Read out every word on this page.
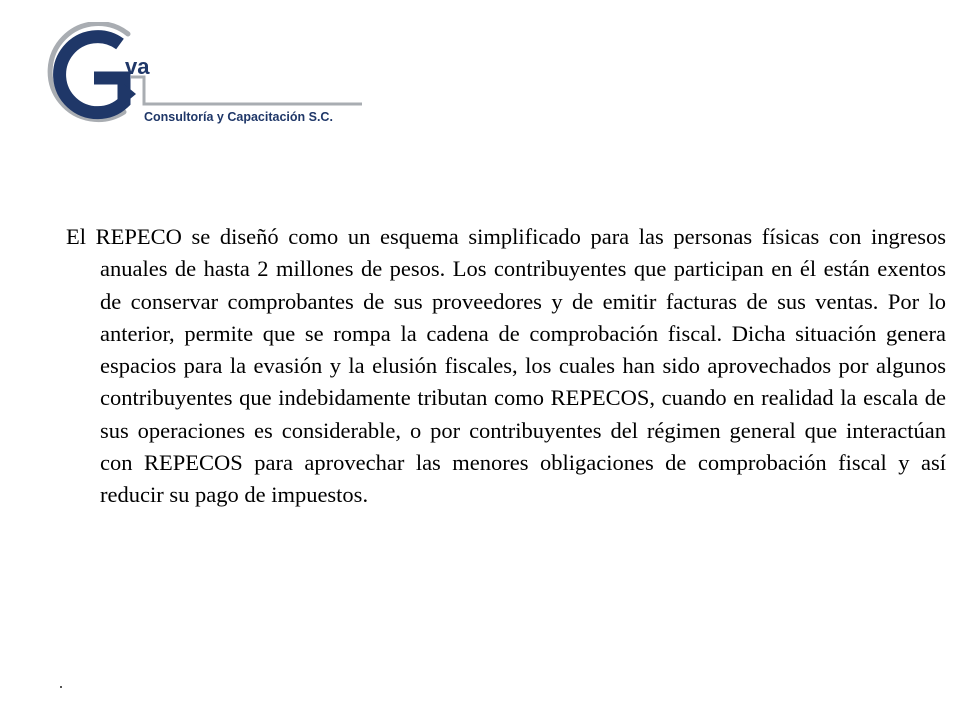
va
Consultoría y Capacitación S.C.

El REPECO se diseñó como un esquema simplificado para las personas físicas con ingresos anuales de hasta 2 millones de pesos. Los contribuyentes que participan en él están exentos de conservar comprobantes de sus proveedores y de emitir facturas de sus ventas. Por lo anterior, permite que se rompa la cadena de comprobación fiscal. Dicha situación genera espacios para la evasión y la elusión fiscales, los cuales han sido aprovechados por algunos contribuyentes que indebidamente tributan como REPECOS, cuando en realidad la escala de sus operaciones es considerable, o por contribuyentes del régimen general que interactúan con REPECOS para aprovechar las menores obligaciones de comprobación fiscal y así reducir su pago de impuestos.
